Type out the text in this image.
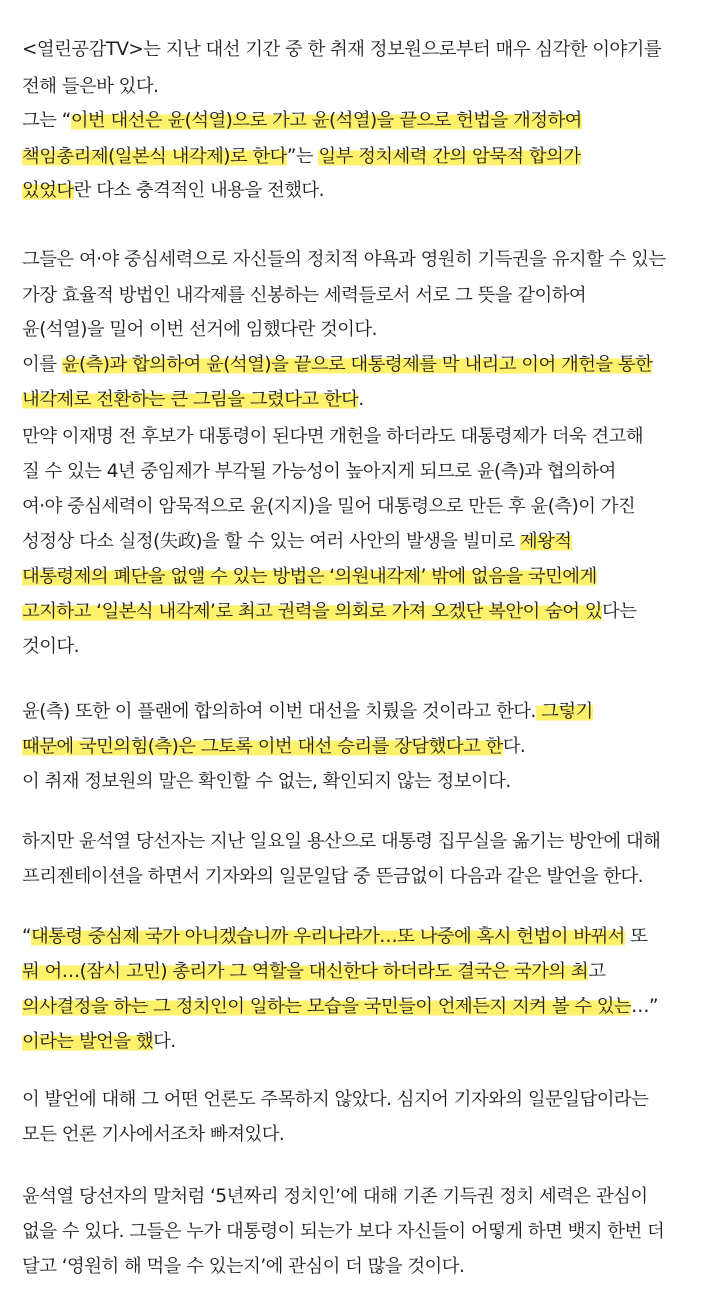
<열린공감TV>는 지난 대선 기간 중 한 취재 정보원으로부터 매우 심각한 이야기를
전해 들은바 있다.
그는 “이번 대선은 윤(석열)으로 가고 윤(석열)을 끝으로 헌법을 개정하여
책임총리제(일본식 내각제)로 한다”는 일부 정치세력 간의 암묵적 합의가
있었다란 다소 충격적인 내용을 전했다.
그들은 여·야 중심세력으로 자신들의 정치적 야욕과 영원히 기득권을 유지할 수 있는
가장 효율적 방법인 내각제를 신봉하는 세력들로서 서로 그 뜻을 같이하여
윤(석열)을 밀어 이번 선거에 임했다란 것이다.
이를 윤(측)과 합의하여 윤(석열)을 끝으로 대통령제를 막 내리고 이어 개헌을 통한
내각제로 전환하는 큰 그림을 그렸다고 한다.
만약 이재명 전 후보가 대통령이 된다면 개헌을 하더라도 대통령제가 더욱 견고해
질 수 있는 4년 중임제가 부각될 가능성이 높아지게 되므로 윤(측)과 협의하여
여·야 중심세력이 암묵적으로 윤(지지)을 밀어 대통령으로 만든 후 윤(측)이 가진
성정상 다소 실정(失政)을 할 수 있는 여러 사안의 발생을 빌미로 제왕적
대통령제의 폐단을 없앨 수 있는 방법은 ‘의원내각제’ 밖에 없음을 국민에게
고지하고 ‘일본식 내각제’로 최고 권력을 의회로 가져 오겠단 복안이 숨어 있다는
것이다.
윤(측) 또한 이 플랜에 합의하여 이번 대선을 치뤘을 것이라고 한다. 그렇기
때문에 국민의힘(측)은 그토록 이번 대선 승리를 장담했다고 한다.
이 취재 정보원의 말은 확인할 수 없는, 확인되지 않는 정보이다.
하지만 윤석열 당선자는 지난 일요일 용산으로 대통령 집무실을 옮기는 방안에 대해
프리젠테이션을 하면서 기자와의 일문일답 중 뜬금없이 다음과 같은 발언을 한다.
“대통령 중심제 국가 아니겠습니까 우리나라가…또 나중에 혹시 헌법이 바뀌서 또
뭐 어…(잠시 고민) 총리가 그 역할을 대신한다 하더라도 결국은 국가의 최고
의사결정을 하는 그 정치인이 일하는 모습을 국민들이 언제든지 지켜 볼 수 있는…”
이라는 발언을 했다.
이 발언에 대해 그 어떤 언론도 주목하지 않았다. 심지어 기자와의 일문일답이라는
모든 언론 기사에서조차 빠져있다.
윤석열 당선자의 말처럼 ‘5년짜리 정치인’에 대해 기존 기득권 정치 세력은 관심이
없을 수 있다. 그들은 누가 대통령이 되는가 보다 자신들이 어떻게 하면 뱃지 한번 더
달고 ‘영원히 해 먹을 수 있는지’에 관심이 더 많을 것이다.
